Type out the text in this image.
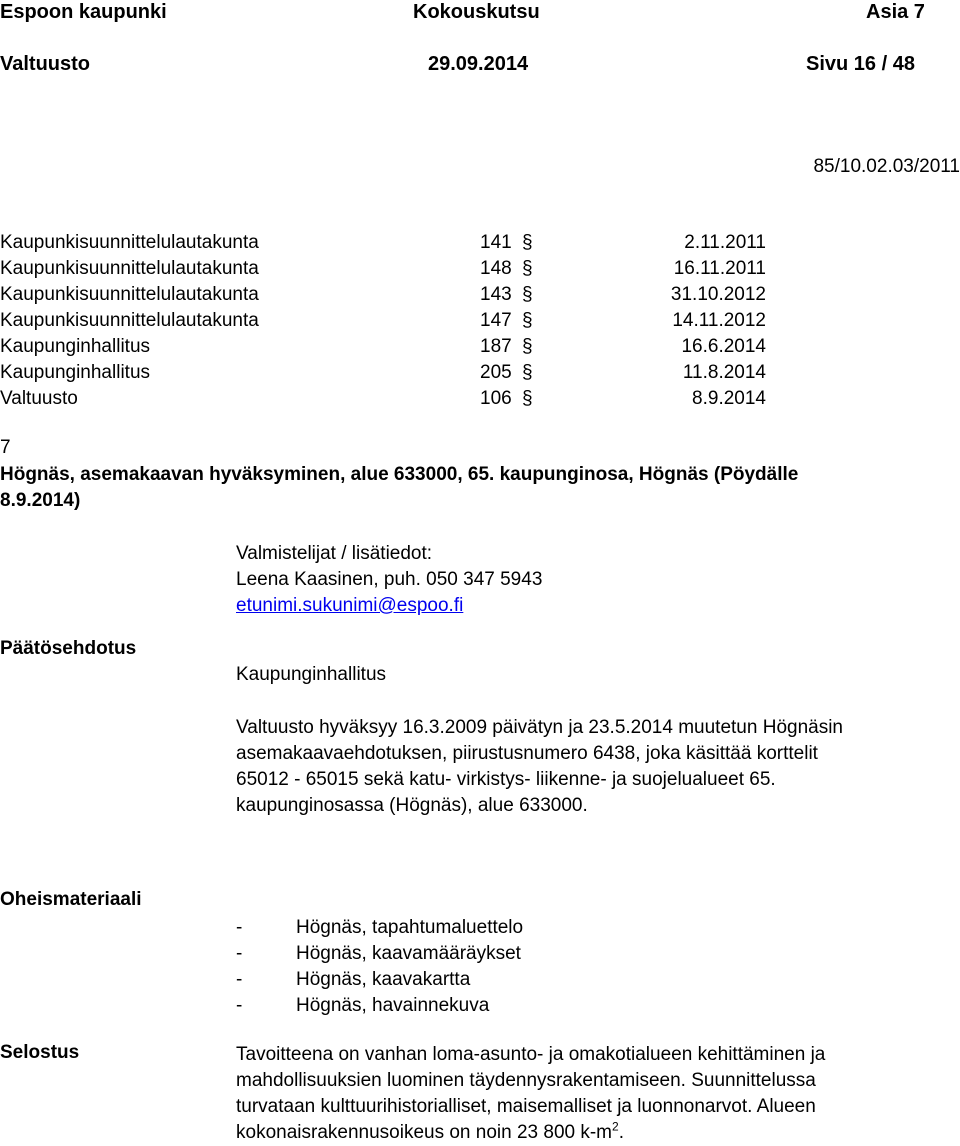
Espoon kaupunki	Kokouskutsu	Asia 7
Valtuusto	29.09.2014	Sivu 16 / 48
85/10.02.03/2011
Kaupunkisuunnittelulautakunta	141 §	2.11.2011
Kaupunkisuunnittelulautakunta	148 §	16.11.2011
Kaupunkisuunnittelulautakunta	143 §	31.10.2012
Kaupunkisuunnittelulautakunta	147 §	14.11.2012
Kaupunginhallitus	187 §	16.6.2014
Kaupunginhallitus	205 §	11.8.2014
Valtuusto	106 §	8.9.2014
7
Högnäs, asemakaavan hyväksyminen, alue 633000, 65. kaupunginosa, Högnäs (Pöydälle
8.9.2014)
Valmistelijat / lisätiedot:
Leena Kaasinen, puh. 050 347 5943
etunimi.sukunimi@espoo.fi
Päätösehdotus
Kaupunginhallitus
Valtuusto hyväksyy 16.3.2009 päivätyn ja 23.5.2014 muutetun Högnäsin
asemakaavaehdotuksen, piirustusnumero 6438, joka käsittää korttelit
65012 - 65015 sekä katu- virkistys- liikenne- ja suojelualueet 65.
kaupunginosassa (Högnäs), alue 633000.
Oheismateriaali
-	Högnäs, tapahtumaluettelo
-	Högnäs, kaavamääräykset
-	Högnäs, kaavakartta
-	Högnäs, havainnekuva
Selostus	Tavoitteena on vanhan loma-asunto- ja omakotialueen kehittäminen ja
mahdollisuuksien luominen täydennysrakentamiseen. Suunnittelussa
turvataan kulttuurihistorialliset, maisemalliset ja luonnonarvot. Alueen
kokonaisrakennusoikeus on noin 23 800 $k-m^2$.
